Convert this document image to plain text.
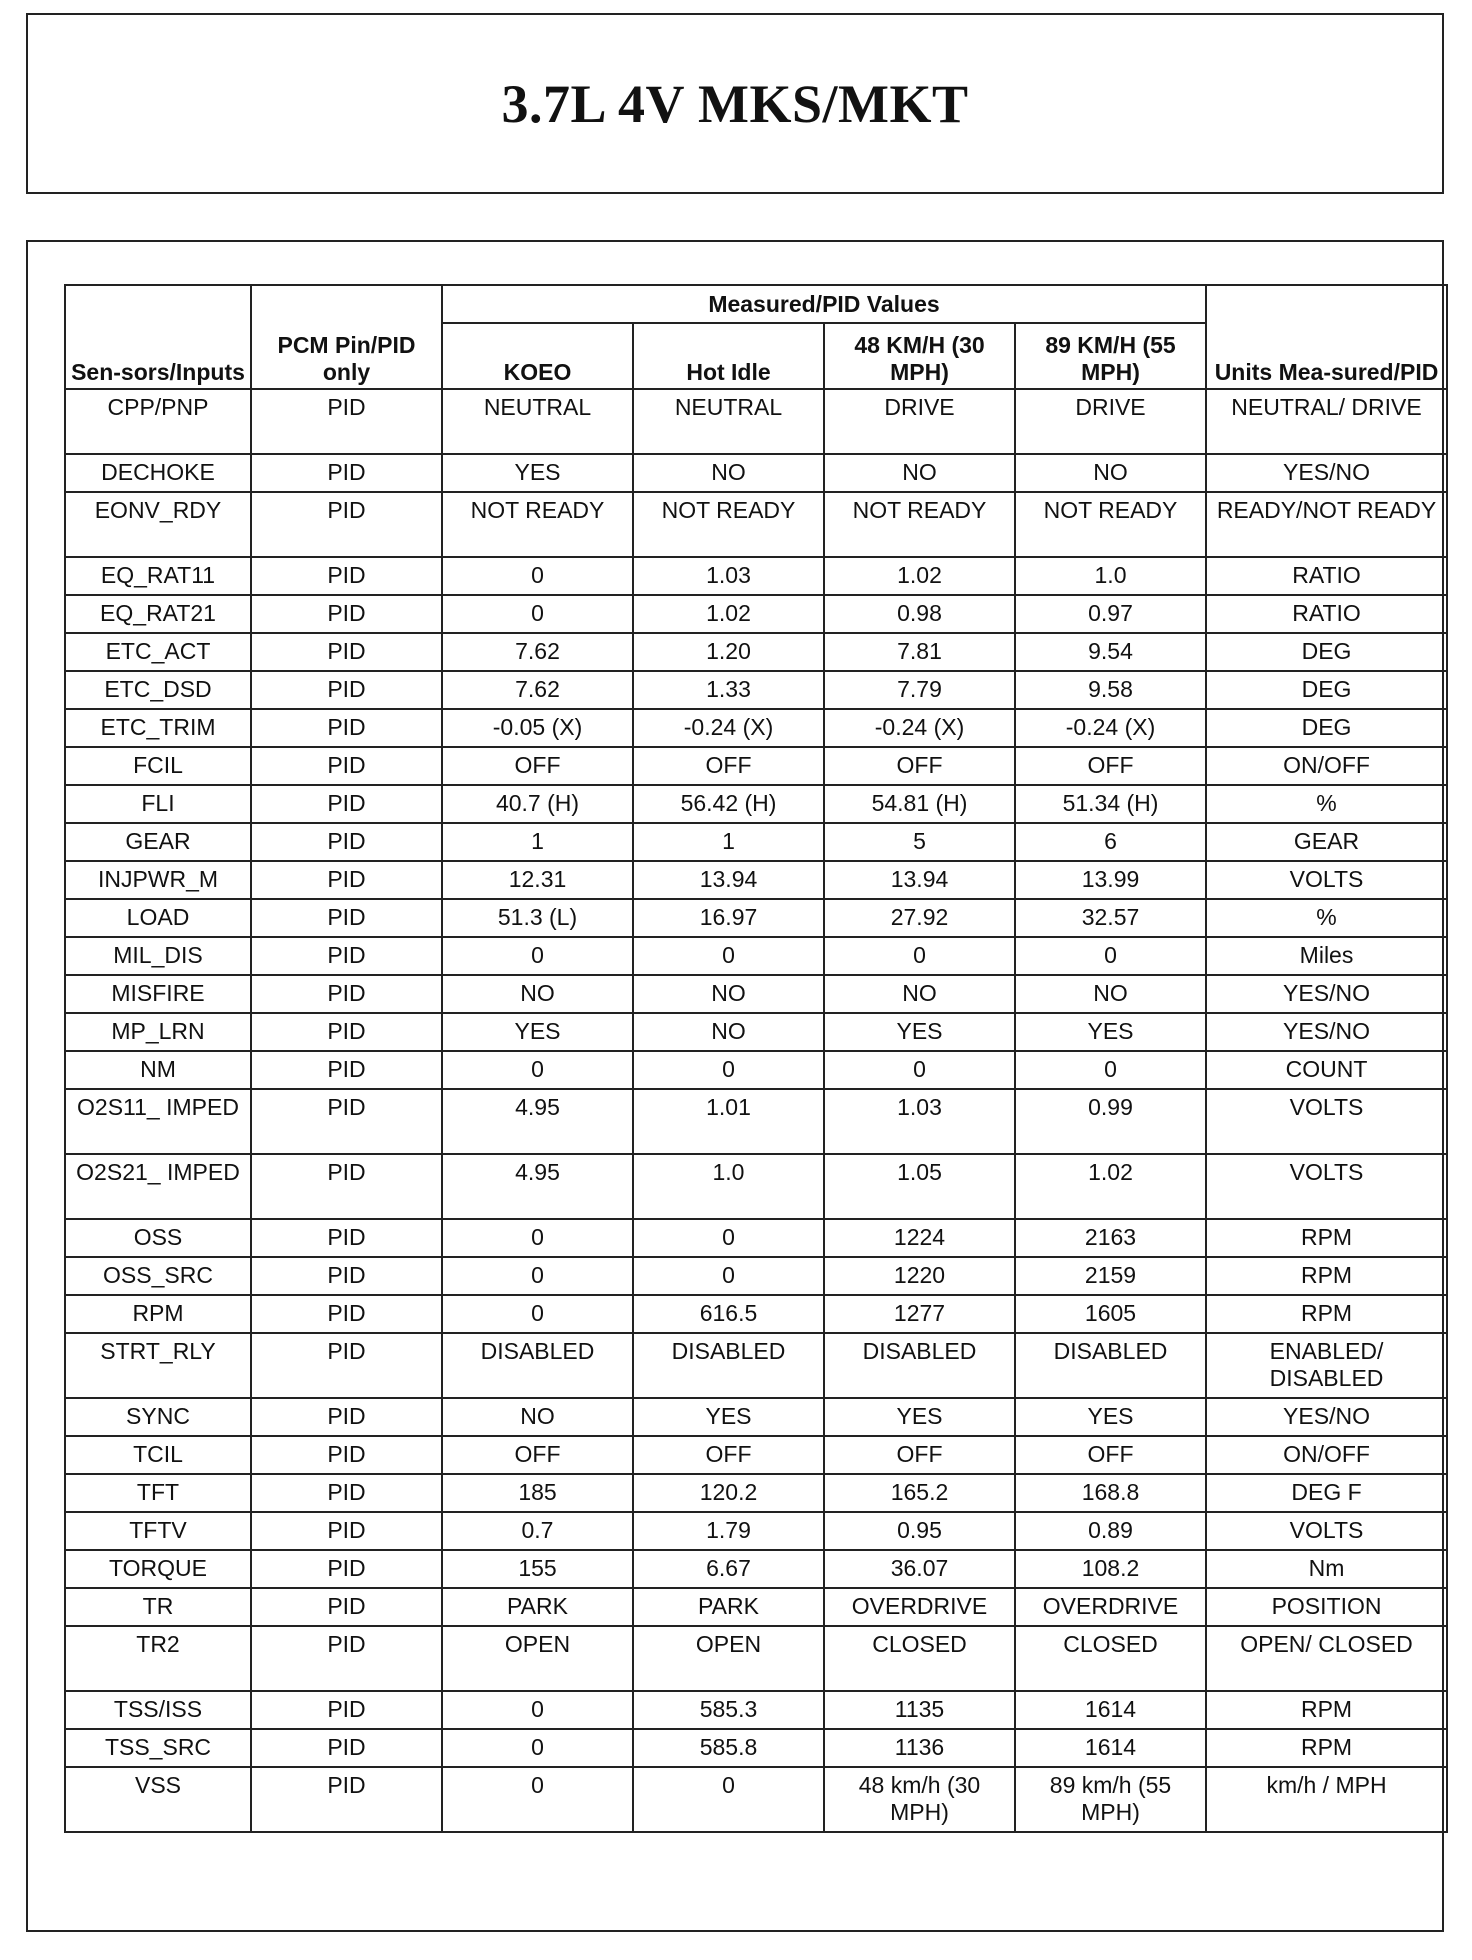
3.7L 4V MKS/MKT
Sen-sors/Inputs	PCM Pin/PID only	Measured/PID Values				Units Mea-sured/PID
		KOEO	Hot Idle	48 KM/H (30 MPH)	89 KM/H (55 MPH)	
CPP/PNP	PID	NEUTRAL	NEUTRAL	DRIVE	DRIVE	NEUTRAL/ DRIVE
DECHOKE	PID	YES	NO	NO	NO	YES/NO
EONV_RDY	PID	NOT READY	NOT READY	NOT READY	NOT READY	READY/NOT READY
EQ_RAT11	PID	0	1.03	1.02	1.0	RATIO
EQ_RAT21	PID	0	1.02	0.98	0.97	RATIO
ETC_ACT	PID	7.62	1.20	7.81	9.54	DEG
ETC_DSD	PID	7.62	1.33	7.79	9.58	DEG
ETC_TRIM	PID	-0.05 (X)	-0.24 (X)	-0.24 (X)	-0.24 (X)	DEG
FCIL	PID	OFF	OFF	OFF	OFF	ON/OFF
FLI	PID	40.7 (H)	56.42 (H)	54.81 (H)	51.34 (H)	%
GEAR	PID	1	1	5	6	GEAR
INJPWR_M	PID	12.31	13.94	13.94	13.99	VOLTS
LOAD	PID	51.3 (L)	16.97	27.92	32.57	%
MIL_DIS	PID	0	0	0	0	Miles
MISFIRE	PID	NO	NO	NO	NO	YES/NO
MP_LRN	PID	YES	NO	YES	YES	YES/NO
NM	PID	0	0	0	0	COUNT
O2S11_ IMPED	PID	4.95	1.01	1.03	0.99	VOLTS
O2S21_ IMPED	PID	4.95	1.0	1.05	1.02	VOLTS
OSS	PID	0	0	1224	2163	RPM
OSS_SRC	PID	0	0	1220	2159	RPM
RPM	PID	0	616.5	1277	1605	RPM
STRT_RLY	PID	DISABLED	DISABLED	DISABLED	DISABLED	ENABLED/ DISABLED
SYNC	PID	NO	YES	YES	YES	YES/NO
TCIL	PID	OFF	OFF	OFF	OFF	ON/OFF
TFT	PID	185	120.2	165.2	168.8	DEG F
TFTV	PID	0.7	1.79	0.95	0.89	VOLTS
TORQUE	PID	155	6.67	36.07	108.2	Nm
TR	PID	PARK	PARK	OVERDRIVE	OVERDRIVE	POSITION
TR2	PID	OPEN	OPEN	CLOSED	CLOSED	OPEN/ CLOSED
TSS/ISS	PID	0	585.3	1135	1614	RPM
TSS_SRC	PID	0	585.8	1136	1614	RPM
VSS	PID	0	0	48 km/h (30 MPH)	89 km/h (55 MPH)	km/h / MPH
